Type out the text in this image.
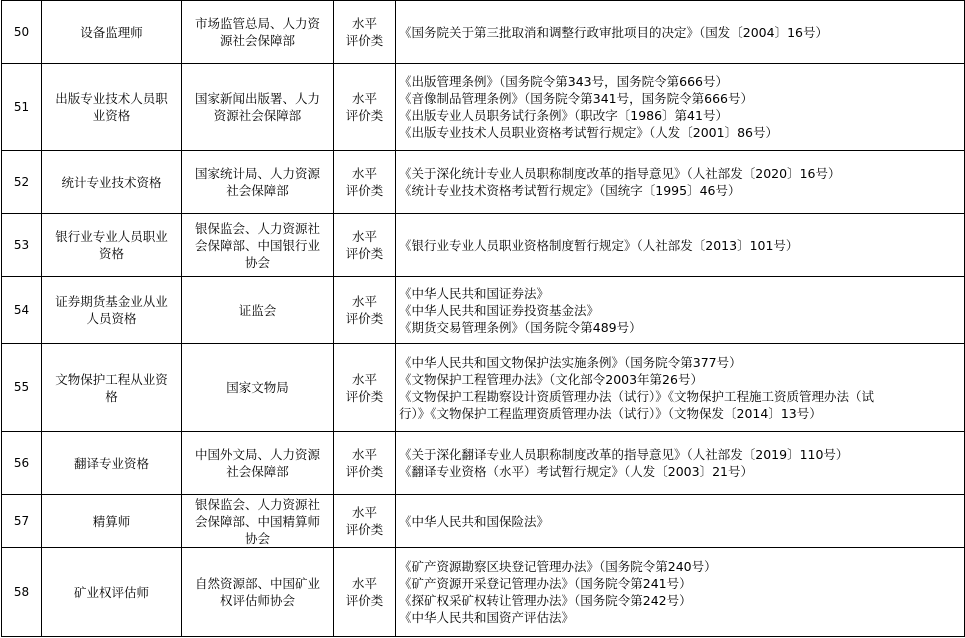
50	设备监理师	市场监管总局、人力资
源社会保障部	水平
评价类	《国务院关于第三批取消和调整行政审批项目的决定》（国发〔2004〕16号）

51	出版专业技术人员职
业资格	国家新闻出版署、人力
资源社会保障部	水平
评价类	《出版管理条例》（国务院令第343号，国务院令第666号）
《音像制品管理条例》（国务院令第341号，国务院令第666号）
《出版专业人员职务试行条例》（职改字〔1986〕第41号）
《出版专业技术人员职业资格考试暂行规定》（人发〔2001〕86号）

52	统计专业技术资格	国家统计局、人力资源
社会保障部	水平
评价类	《关于深化统计专业人员职称制度改革的指导意见》（人社部发〔2020〕16号）
《统计专业技术资格考试暂行规定》（国统字〔1995〕46号）

53	银行业专业人员职业
资格	银保监会、人力资源社
会保障部、中国银行业
协会	水平
评价类	《银行业专业人员职业资格制度暂行规定》（人社部发〔2013〕101号）

54	证券期货基金业从业
人员资格	证监会	水平
评价类	《中华人民共和国证券法》
《中华人民共和国证券投资基金法》
《期货交易管理条例》（国务院令第489号）

55	文物保护工程从业资
格	国家文物局	水平
评价类	《中华人民共和国文物保护法实施条例》（国务院令第377号）
《文物保护工程管理办法》（文化部令2003年第26号）
《文物保护工程勘察设计资质管理办法（试行）》《文物保护工程施工资质管理办法（试
行）》《文物保护工程监理资质管理办法（试行）》（文物保发〔2014〕13号）

56	翻译专业资格	中国外文局、人力资源
社会保障部	水平
评价类	《关于深化翻译专业人员职称制度改革的指导意见》（人社部发〔2019〕110号）
《翻译专业资格（水平）考试暂行规定》（人发〔2003〕21号）

57	精算师	银保监会、人力资源社
会保障部、中国精算师
协会	水平
评价类	《中华人民共和国保险法》

58	矿业权评估师	自然资源部、中国矿业
权评估师协会	水平
评价类	《矿产资源勘察区块登记管理办法》（国务院令第240号）
《矿产资源开采登记管理办法》（国务院令第241号）
《探矿权采矿权转让管理办法》（国务院令第242号）
《中华人民共和国资产评估法》
